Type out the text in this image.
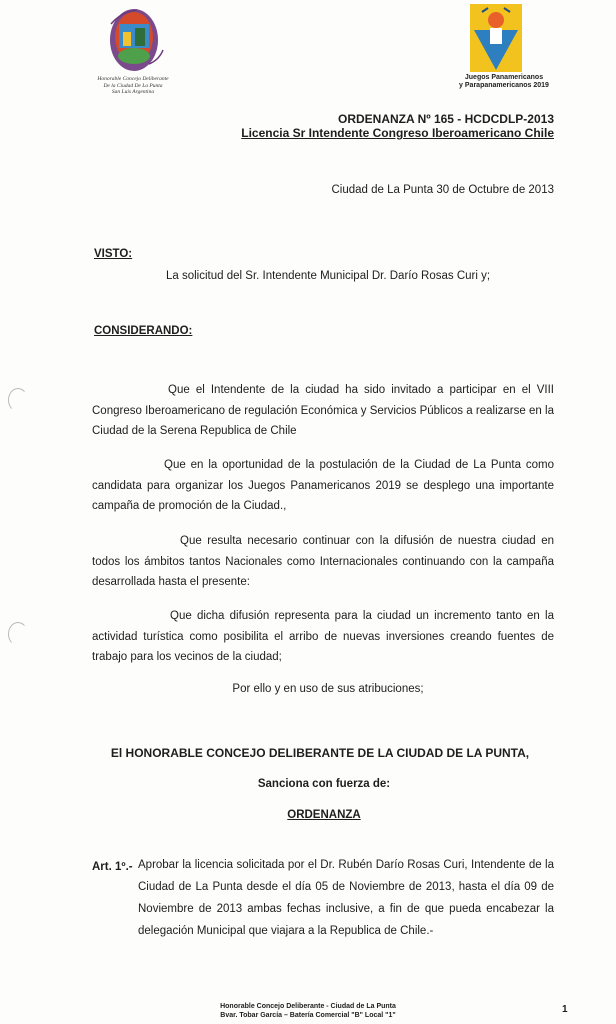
Honorable Concejo Deliberante
De la Ciudad De La Punta
San Luis Argentina
Juegos Panamericanos
y Parapanamericanos 2019
ORDENANZA Nº 165 - HCDCDLP-2013
Licencia Sr Intendente Congreso Iberoamericano Chile
Ciudad de La Punta 30 de Octubre de 2013
VISTO:
La solicitud del Sr. Intendente Municipal Dr. Darío Rosas Curi y;
CONSIDERANDO:
Que el Intendente de la ciudad ha sido invitado a participar en el VIII Congreso Iberoamericano de regulación Económica y Servicios Públicos a realizarse en la Ciudad de la Serena Republica de Chile
Que en la oportunidad de la postulación de la Ciudad de La Punta como candidata para organizar los Juegos Panamericanos 2019 se desplego una importante campaña de promoción de la Ciudad.,
Que resulta necesario continuar con la difusión de nuestra ciudad en todos los ámbitos tantos Nacionales como Internacionales continuando con la campaña desarrollada hasta el presente:
Que dicha difusión representa para la ciudad un incremento tanto en la actividad turística como posibilita el arribo de nuevas inversiones creando fuentes de trabajo para los vecinos de la ciudad;
Por ello y en uso de sus atribuciones;
El HONORABLE CONCEJO DELIBERANTE DE LA CIUDAD DE LA PUNTA,
Sanciona con fuerza de:
ORDENANZA
Art. 1º.- Aprobar la licencia solicitada por el Dr. Rubén Darío Rosas Curi, Intendente de la Ciudad de La Punta desde el día 05 de Noviembre de 2013, hasta el día 09 de Noviembre de 2013 ambas fechas inclusive, a fin de que pueda encabezar la delegación Municipal que viajara a la Republica de Chile.-
Honorable Concejo Deliberante - Ciudad de La Punta
Bvar. Tobar García – Batería Comercial "B" Local "1"	1
